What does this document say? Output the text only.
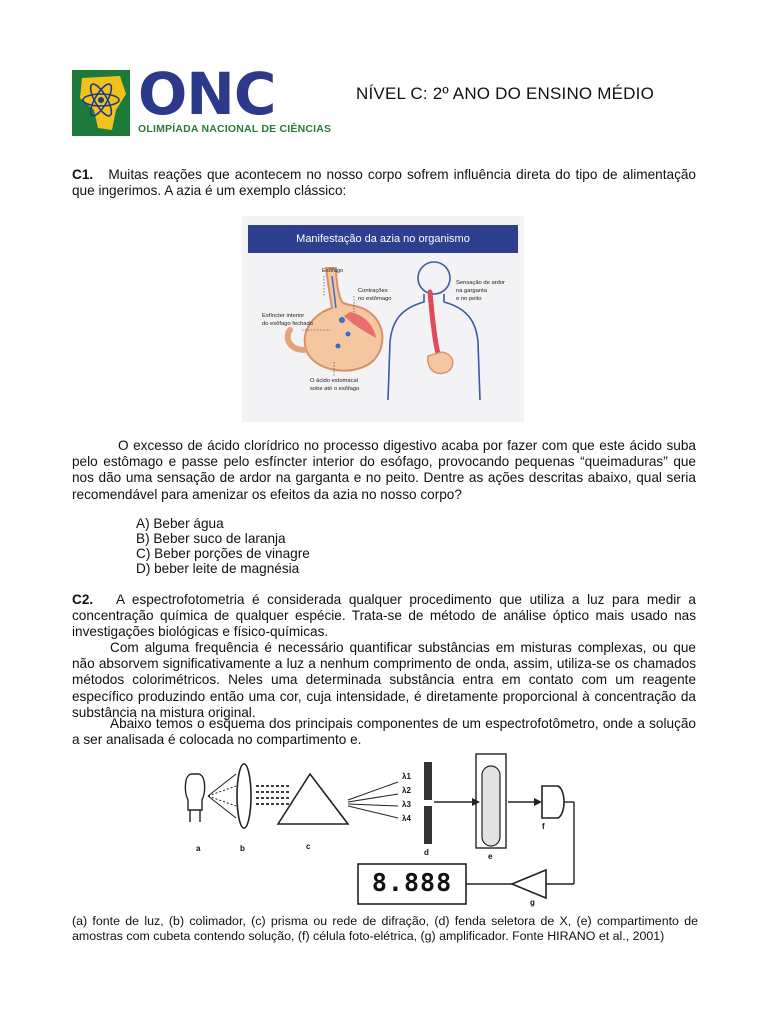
ONC
OLIMPÍADA NACIONAL DE CIÊNCIAS
NÍVEL C: 2º ANO DO ENSINO MÉDIO
C1. Muitas reações que acontecem no nosso corpo sofrem influência direta do tipo de alimentação que ingerimos. A azia é um exemplo clássico:
Manifestação da azia no organismo
Esôfago
Contrações
no estômago
Esfíncter interior
do esôfago fechado
O ácido estomacal
sobe até o esôfago
Sensação de ardor
na garganta
e no peito
O excesso de ácido clorídrico no processo digestivo acaba por fazer com que este ácido suba pelo estômago e passe pelo esfíncter interior do esófago, provocando pequenas “queimaduras” que nos dão uma sensação de ardor na garganta e no peito. Dentre as ações descritas abaixo, qual seria recomendável para amenizar os efeitos da azia no nosso corpo?
A) Beber água
B) Beber suco de laranja
C) Beber porções de vinagre
D) beber leite de magnésia
C2. A espectrofotometria é considerada qualquer procedimento que utiliza a luz para medir a concentração química de qualquer espécie. Trata-se de método de análise óptico mais usado nas investigações biológicas e físico-químicas.
Com alguma frequência é necessário quantificar substâncias em misturas complexas, ou que não absorvem significativamente a luz a nenhum comprimento de onda, assim, utiliza-se os chamados métodos colorimétricos. Neles uma determinada substância entra em contato com um reagente específico produzindo então uma cor, cuja intensidade, é diretamente proporcional à concentração da substância na mistura original.
Abaixo temos o esquema dos principais componentes de um espectrofotômetro, onde a solução a ser analisada é colocada no compartimento e.
8.888
λ1
λ2
λ3
λ4
a	b	c
d	e
f
g
(a) fonte de luz, (b) colimador, (c) prisma ou rede de difração, (d) fenda seletora de X, (e) compartimento de amostras com cubeta contendo solução, (f) célula foto-elétrica, (g) amplificador. Fonte HIRANO et al., 2001)
